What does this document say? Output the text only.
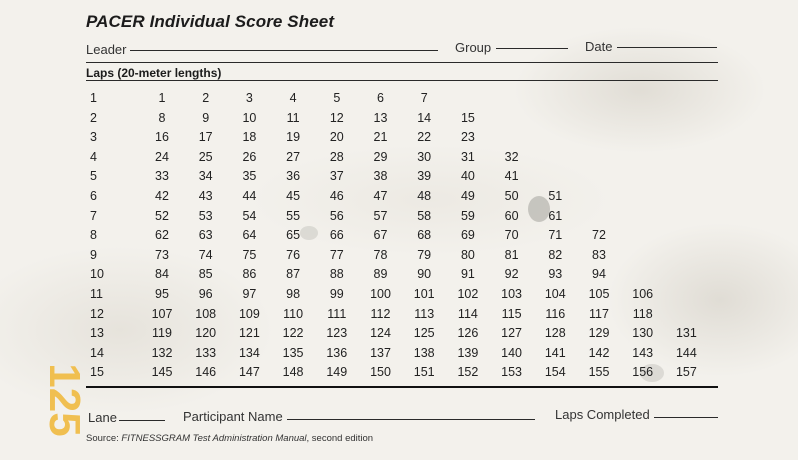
PACER Individual Score Sheet
Leader	Group	Date
Laps (20-meter lengths)
1	1	2	3	4	5	6	7
2	8	9	10	11	12	13	14	15
3	16	17	18	19	20	21	22	23
4	24	25	26	27	28	29	30	31	32
5	33	34	35	36	37	38	39	40	41
6	42	43	44	45	46	47	48	49	50	51
7	52	53	54	55	56	57	58	59	60	61
8	62	63	64	65	66	67	68	69	70	71	72
9	73	74	75	76	77	78	79	80	81	82	83
10	84	85	86	87	88	89	90	91	92	93	94
11	95	96	97	98	99	100	101	102	103	104	105	106
12	107	108	109	110	111	112	113	114	115	116	117	118
13	119	120	121	122	123	124	125	126	127	128	129	130	131
14	132	133	134	135	136	137	138	139	140	141	142	143	144
15	145	146	147	148	149	150	151	152	153	154	155	156	157
Lane	Participant Name	Laps Completed

Source: FITNESSGRAM Test Administration Manual, second edition

125
